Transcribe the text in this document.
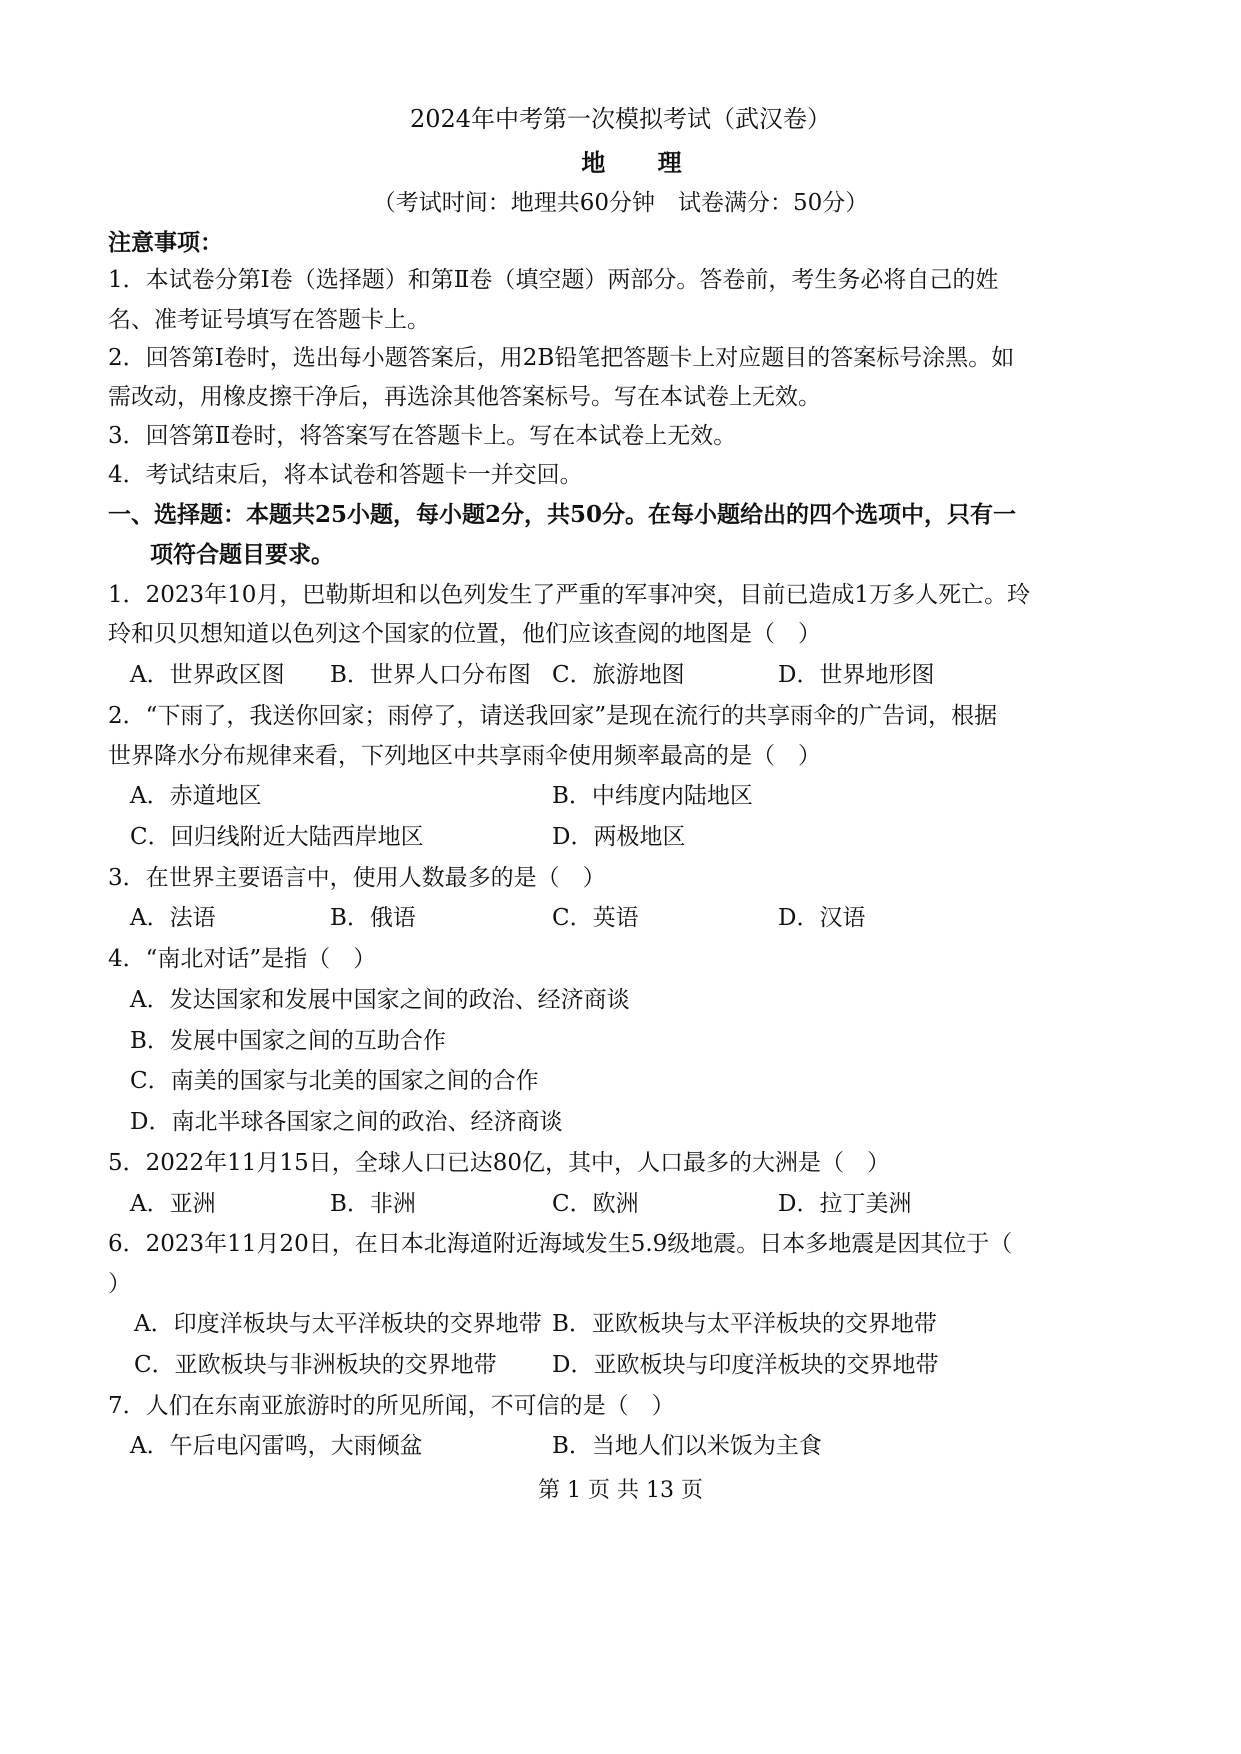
2024年中考第一次模拟考试（武汉卷）
地 理
（考试时间：地理共60分钟　试卷满分：50分）
注意事项：
1．本试卷分第Ⅰ卷（选择题）和第Ⅱ卷（填空题）两部分。答卷前，考生务必将自己的姓
名、准考证号填写在答题卡上。
2．回答第Ⅰ卷时，选出每小题答案后，用2B铅笔把答题卡上对应题目的答案标号涂黑。如
需改动，用橡皮擦干净后，再选涂其他答案标号。写在本试卷上无效。
3．回答第Ⅱ卷时，将答案写在答题卡上。写在本试卷上无效。
4．考试结束后，将本试卷和答题卡一并交回。
一、选择题：本题共25小题，每小题2分，共50分。在每小题给出的四个选项中，只有一
项符合题目要求。
1．2023年10月，巴勒斯坦和以色列发生了严重的军事冲突，目前已造成1万多人死亡。玲
玲和贝贝想知道以色列这个国家的位置，他们应该查阅的地图是（　）
A．世界政区图 B．世界人口分布图 C．旅游地图	D．世界地形图
2．“下雨了，我送你回家；雨停了，请送我回家”是现在流行的共享雨伞的广告词，根据
世界降水分布规律来看，下列地区中共享雨伞使用频率最高的是（　）
A．赤道地区	B．中纬度内陆地区
C．回归线附近大陆西岸地区	D．两极地区
3．在世界主要语言中，使用人数最多的是（　）
A．法语	B．俄语	C．英语	D．汉语
4．“南北对话”是指（　）
A．发达国家和发展中国家之间的政治、经济商谈
B．发展中国家之间的互助合作
C．南美的国家与北美的国家之间的合作
D．南北半球各国家之间的政治、经济商谈
5．2022年11月15日，全球人口已达80亿，其中，人口最多的大洲是（　）
A．亚洲	B．非洲	C．欧洲	D．拉丁美洲
6．2023年11月20日，在日本北海道附近海域发生5.9级地震。日本多地震是因其位于（
）
A．印度洋板块与太平洋板块的交界地带 B．亚欧板块与太平洋板块的交界地带
C．亚欧板块与非洲板块的交界地带 D．亚欧板块与印度洋板块的交界地带
7．人们在东南亚旅游时的所见所闻，不可信的是（　）
A．午后电闪雷鸣，大雨倾盆	B．当地人们以米饭为主食
第 1 页 共 13 页
